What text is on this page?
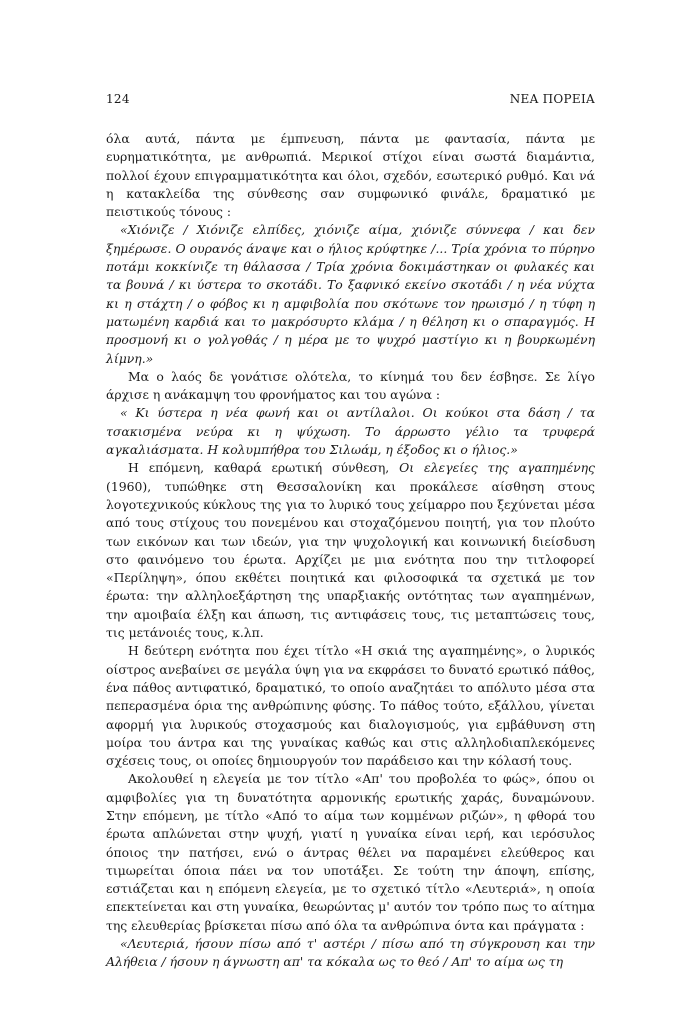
124	ΝΕΑ ΠΟΡΕΙΑ

όλα αυτά, πάντα με έμπνευση, πάντα με φαντασία, πάντα με ευρηματικότητα, με ανθρωπιά. Μερικοί στίχοι είναι σωστά διαμάντια, πολλοί έχουν επιγραμματικότητα και όλοι, σχεδόν, εσωτερικό ρυθμό. Και νά η κατακλείδα της σύνθεσης σαν συμφωνικό φινάλε, δραματικό με πειστικούς τόνους :

«Χιόνιζε / Χιόνιζε ελπίδες, χιόνιζε αίμα, χιόνιζε σύννεφα / και δεν ξημέρωσε. Ο ουρανός άναψε και ο ήλιος κρύφτηκε /... Τρία χρόνια το πύρηνο ποτάμι κοκκίνιζε τη θάλασσα / Τρία χρόνια δοκιμάστηκαν οι φυλακές και τα βουνά / κι ύστερα το σκοτάδι. Το ξαφνικό εκείνο σκοτάδι / η νέα νύχτα κι η στάχτη / ο φόβος κι η αμφιβολία που σκότωνε τον ηρωισμό / η τύφη η ματωμένη καρδιά και το μακρόσυρτο κλάμα / η θέληση κι ο σπαραγμός. Η προσμονή κι ο γολγοθάς / η μέρα με το ψυχρό μαστίγιο κι η βουρκωμένη λίμνη.»

Μα ο λαός δε γονάτισε ολότελα, το κίνημά του δεν έσβησε. Σε λίγο άρχισε η ανάκαμψη του φρονήματος και του αγώνα :

« Κι ύστερα η νέα φωνή και οι αντίλαλοι. Οι κούκοι στα δάση / τα τσακισμένα νεύρα κι η ψύχωση. Το άρρωστο γέλιο τα τρυφερά αγκαλιάσματα. Η κολυμπήθρα του Σιλωάμ, η έξοδος κι ο ήλιος.»

Η επόμενη, καθαρά ερωτική σύνθεση, Οι ελεγείες της αγαπημένης (1960), τυπώθηκε στη Θεσσαλονίκη και προκάλεσε αίσθηση στους λογοτεχνικούς κύκλους της για το λυρικό τους χείμαρρο που ξεχύνεται μέσα από τους στίχους του πονεμένου και στοχαζόμενου ποιητή, για τον πλούτο των εικόνων και των ιδεών, για την ψυχολογική και κοινωνική διείσδυση στο φαινόμενο του έρωτα. Αρχίζει με μια ενότητα που την τιτλοφορεί «Περίληψη», όπου εκθέτει ποιητικά και φιλοσοφικά τα σχετικά με τον έρωτα: την αλληλοεξάρτηση της υπαρξιακής οντότητας των αγαπημένων, την αμοιβαία έλξη και άπωση, τις αντιφάσεις τους, τις μεταπτώσεις τους, τις μετάνοιές τους, κ.λπ.

Η δεύτερη ενότητα που έχει τίτλο «Η σκιά της αγαπημένης», ο λυρικός οίστρος ανεβαίνει σε μεγάλα ύψη για να εκφράσει το δυνατό ερωτικό πάθος, ένα πάθος αντιφατικό, δραματικό, το οποίο αναζητάει το απόλυτο μέσα στα πεπερασμένα όρια της ανθρώπινης φύσης. Το πάθος τούτο, εξάλλου, γίνεται αφορμή για λυρικούς στοχασμούς και διαλογισμούς, για εμβάθυνση στη μοίρα του άντρα και της γυναίκας καθώς και στις αλληλοδιαπλεκόμενες σχέσεις τους, οι οποίες δημιουργούν τον παράδεισο και την κόλασή τους.

Ακολουθεί η ελεγεία με τον τίτλο «Απ' του προβολέα το φώς», όπου οι αμφιβολίες για τη δυνατότητα αρμονικής ερωτικής χαράς, δυναμώνουν. Στην επόμενη, με τίτλο «Από το αίμα των κομμένων ριζών», η φθορά του έρωτα απλώνεται στην ψυχή, γιατί η γυναίκα είναι ιερή, και ιερόσυλος όποιος την πατήσει, ενώ ο άντρας θέλει να παραμένει ελεύθερος και τιμωρείται όποια πάει να τον υποτάξει. Σε τούτη την άποψη, επίσης, εστιάζεται και η επόμενη ελεγεία, με το σχετικό τίτλο «Λευτεριά», η οποία επεκτείνεται και στη γυναίκα, θεωρώντας μ' αυτόν τον τρόπο πως το αίτημα της ελευθερίας βρίσκεται πίσω από όλα τα ανθρώπινα όντα και πράγματα :

«Λευτεριά, ήσουν πίσω από τ' αστέρι / πίσω από τη σύγκρουση και την Αλήθεια / ήσουν η άγνωστη απ' τα κόκαλα ως το θεό / Απ' το αίμα ως τη
